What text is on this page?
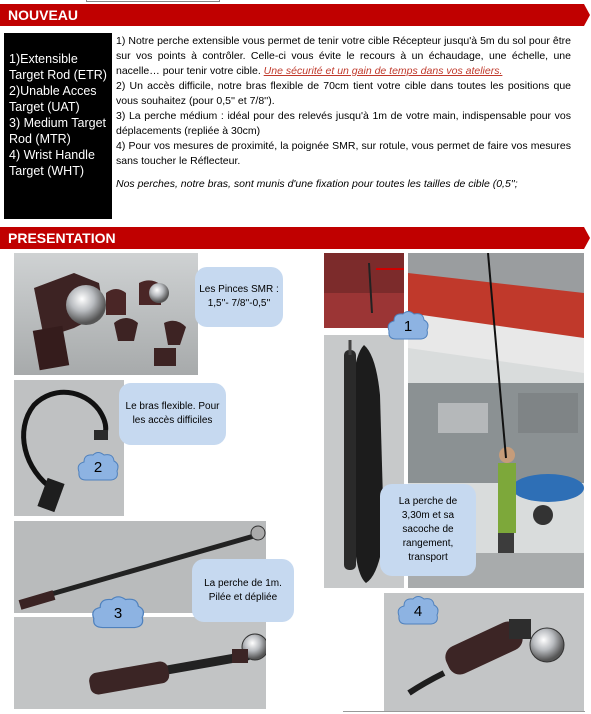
NOUVEAU
1)Extensible Target Rod (ETR)
2)Unable Acces Target (UAT)
3) Medium Target Rod (MTR)
4) Wrist Handle Target (WHT)

1) Notre perche extensible vous permet de tenir votre cible Récepteur jusqu'à 5m du sol pour être sur vos points à contrôler. Celle-ci vous évite le recours à un échaudage, une échelle, une nacelle… pour tenir votre cible. Une sécurité et un gain de temps dans vos ateliers.

2) Un accès difficile, notre bras flexible de 70cm tient votre cible dans toutes les positions que vous souhaitez (pour 0,5'' et 7/8'').

3) La perche médium : idéal pour des relevés jusqu'à 1m de votre main, indispensable pour vos déplacements (repliée à 30cm)

4) Pour vos mesures de proximité, la poignée SMR, sur rotule, vous permet de faire vos mesures sans toucher le Réflecteur.

Nos perches, notre bras, sont munis d'une fixation pour toutes les tailles de cible (0,5'';

PRESENTATION
Les Pinces SMR : 1,5''- 7/8''-0,5''
Le bras flexible. Pour les accès difficiles
La perche de 1m. Pilée et dépliée
La perche de 3,30m et sa sacoche de rangement, transport
1
2
3	4
